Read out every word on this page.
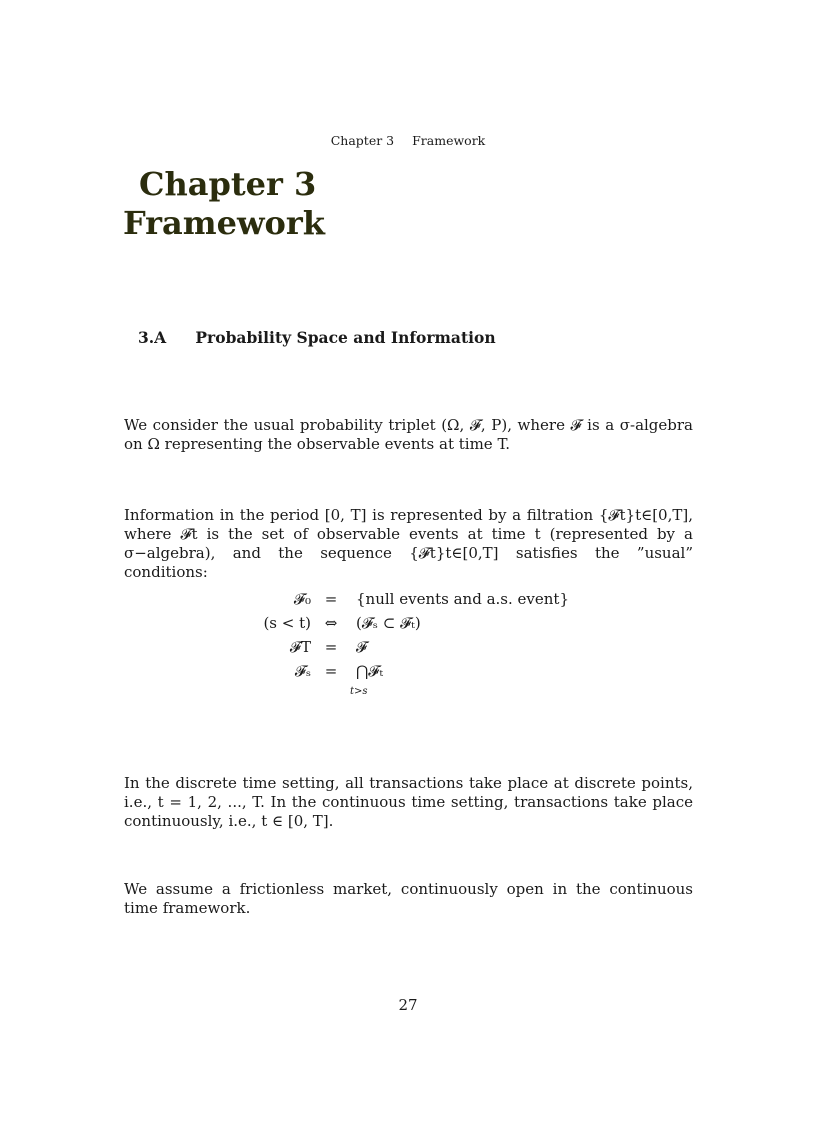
Chapter 3 Framework
Chapter 3
Framework
3.A Probability Space and Information
We consider the usual probability triplet (Ω, 𝓕, P), where 𝓕 is a σ-algebra on Ω representing the observable events at time T.
Information in the period [0, T] is represented by a filtration {𝓕t}t∈[0,T], where 𝓕t is the set of observable events at time t (represented by a σ−algebra), and the sequence {𝓕t}t∈[0,T] satisfies the ”usual” conditions:
𝓕₀ =	{null events and a.s. event}
(s < t) ⇔	(𝓕ₛ ⊂ 𝓕ₜ)
𝓕T =	𝓕
𝓕ₛ =	⋂𝓕ₜ
t>s
In the discrete time setting, all transactions take place at discrete points, i.e., t = 1, 2, ..., T. In the continuous time setting, transactions take place continuously, i.e., t ∈ [0, T].
We assume a frictionless market, continuously open in the continuous time framework.
27
